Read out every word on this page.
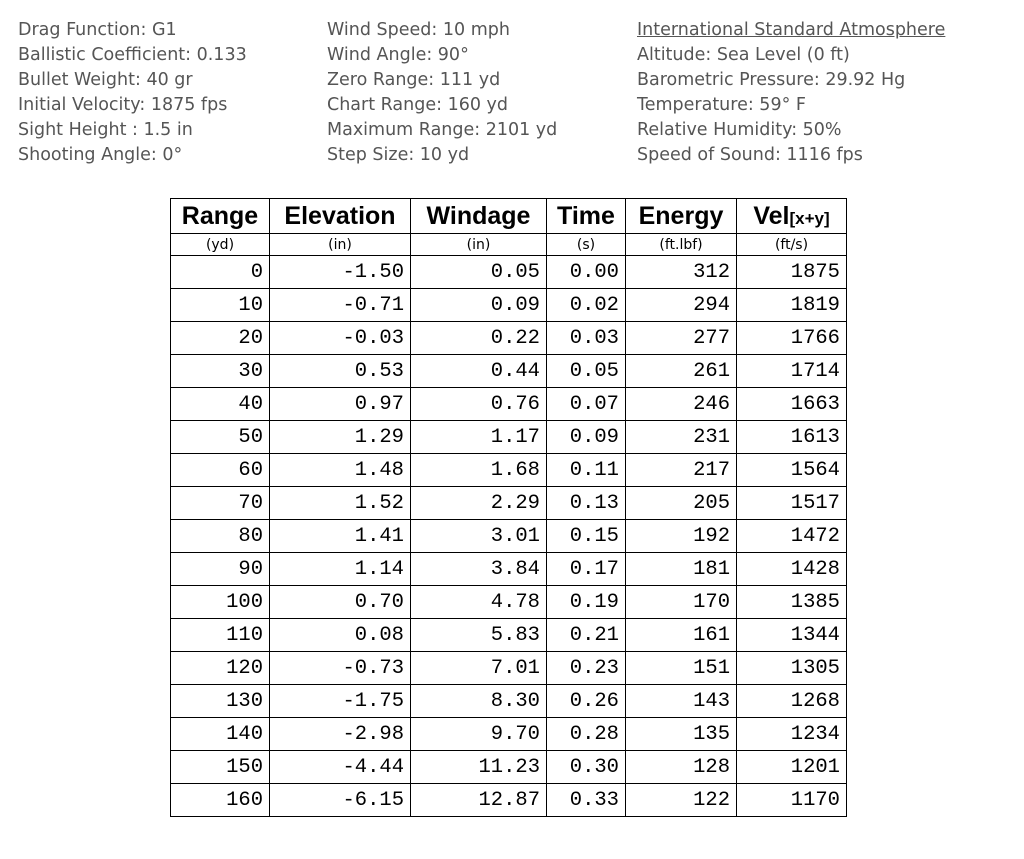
Drag Function: G1
Ballistic Coefficient: 0.133
Bullet Weight: 40 gr
Initial Velocity: 1875 fps
Sight Height : 1.5 in
Shooting Angle: 0°
Wind Speed: 10 mph
Wind Angle: 90°
Zero Range: 111 yd
Chart Range: 160 yd
Maximum Range: 2101 yd
Step Size: 10 yd
International Standard Atmosphere
Altitude: Sea Level (0 ft)
Barometric Pressure: 29.92 Hg
Temperature: 59° F
Relative Humidity: 50%
Speed of Sound: 1116 fps
Range	Elevation	Windage	Time	Energy	Vel[x+y]
(yd)	(in)	(in)	(s)	(ft.lbf)	(ft/s)
0	-1.50	0.05	0.00	312	1875
10	-0.71	0.09	0.02	294	1819
20	-0.03	0.22	0.03	277	1766
30	0.53	0.44	0.05	261	1714
40	0.97	0.76	0.07	246	1663
50	1.29	1.17	0.09	231	1613
60	1.48	1.68	0.11	217	1564
70	1.52	2.29	0.13	205	1517
80	1.41	3.01	0.15	192	1472
90	1.14	3.84	0.17	181	1428
100	0.70	4.78	0.19	170	1385
110	0.08	5.83	0.21	161	1344
120	-0.73	7.01	0.23	151	1305
130	-1.75	8.30	0.26	143	1268
140	-2.98	9.70	0.28	135	1234
150	-4.44	11.23	0.30	128	1201
160	-6.15	12.87	0.33	122	1170
